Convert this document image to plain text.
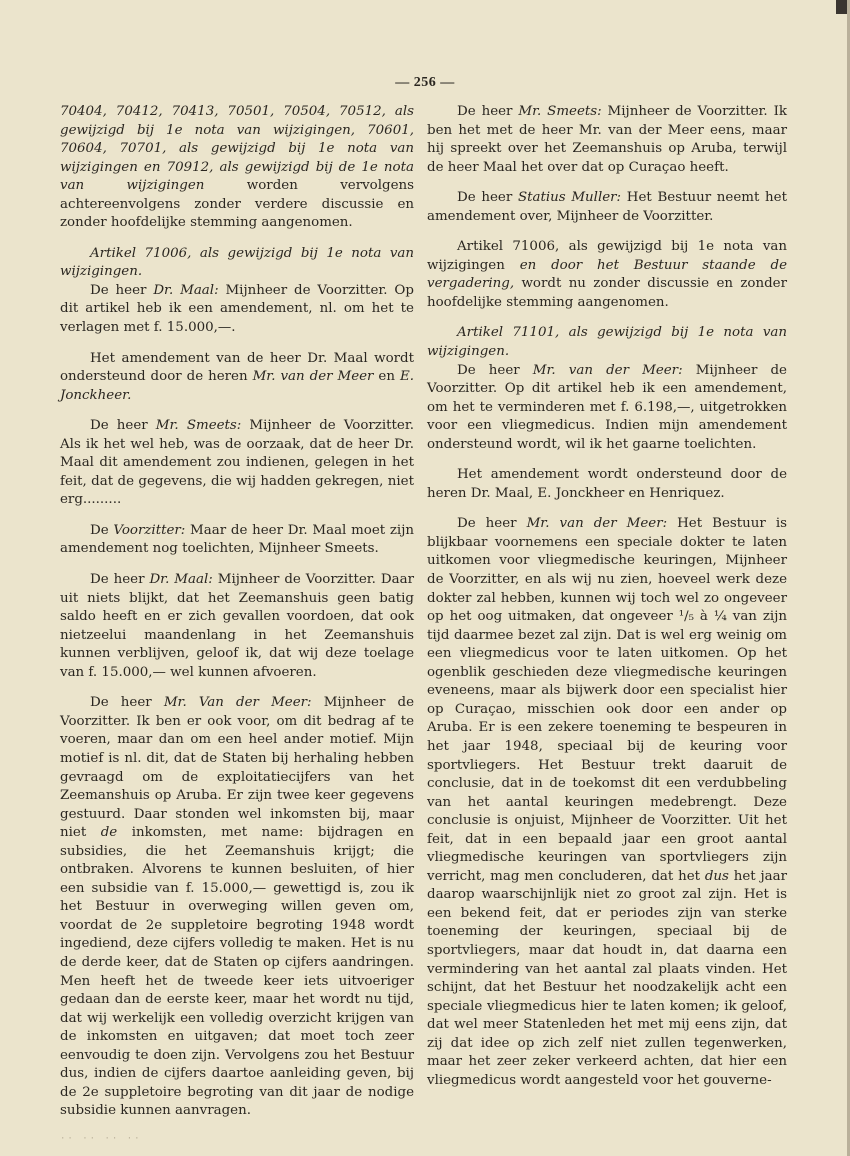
— 256 —

70404, 70412, 70413, 70501, 70504, 70512, als gewijzigd bij 1e nota van wijzigingen, 70601, 70604, 70701, als gewijzigd bij 1e nota van wijzigingen en 70912, als gewijzigd bij de 1e nota van wijzigingen worden vervolgens achtereenvolgens zonder verdere discussie en zonder hoofdelijke stemming aangenomen.

Artikel 71006, als gewijzigd bij 1e nota van wijzigingen.

De heer Dr. Maal: Mijnheer de Voorzitter. Op dit artikel heb ik een amendement, nl. om het te verlagen met f. 15.000,—.

Het amendement van de heer Dr. Maal wordt ondersteund door de heren Mr. van der Meer en E. Jonckheer.

De heer Mr. Smeets: Mijnheer de Voorzitter. Als ik het wel heb, was de oorzaak, dat de heer Dr. Maal dit amendement zou indienen, gelegen in het feit, dat de gegevens, die wij hadden gekregen, niet erg.........

De Voorzitter: Maar de heer Dr. Maal moet zijn amendement nog toelichten, Mijnheer Smeets.

De heer Dr. Maal: Mijnheer de Voorzitter. Daar uit niets blijkt, dat het Zeemanshuis geen batig saldo heeft en er zich gevallen voordoen, dat ook nietzeelui maandenlang in het Zeemanshuis kunnen verblijven, geloof ik, dat wij deze toelage van f. 15.000,— wel kunnen afvoeren.

De heer Mr. Van der Meer: Mijnheer de Voorzitter. Ik ben er ook voor, om dit bedrag af te voeren, maar dan om een heel ander motief. Mijn motief is nl. dit, dat de Staten bij herhaling hebben gevraagd om de exploitatiecijfers van het Zeemanshuis op Aruba. Er zijn twee keer gegevens gestuurd. Daar stonden wel inkomsten bij, maar niet de inkomsten, met name: bijdragen en subsidies, die het Zeemanshuis krijgt; die ontbraken. Alvorens te kunnen besluiten, of hier een subsidie van f. 15.000,— gewettigd is, zou ik het Bestuur in overweging willen geven om, voordat de 2e suppletoire begroting 1948 wordt ingediend, deze cijfers volledig te maken. Het is nu de derde keer, dat de Staten op cijfers aandringen. Men heeft het de tweede keer iets uitvoeriger gedaan dan de eerste keer, maar het wordt nu tijd, dat wij werkelijk een volledig overzicht krijgen van de inkomsten en uitgaven; dat moet toch zeer eenvoudig te doen zijn. Vervolgens zou het Bestuur dus, indien de cijfers daartoe aanleiding geven, bij de 2e suppletoire begroting van dit jaar de nodige subsidie kunnen aanvragen.

De heer Mr. Smeets: Mijnheer de Voorzitter. Ik ben het met de heer Mr. van der Meer eens, maar hij spreekt over het Zeemanshuis op Aruba, terwijl de heer Maal het over dat op Curaçao heeft.

De heer Statius Muller: Het Bestuur neemt het amendement over, Mijnheer de Voorzitter.

Artikel 71006, als gewijzigd bij 1e nota van wijzigingen en door het Bestuur staande de vergadering, wordt nu zonder discussie en zonder hoofdelijke stemming aangenomen.

Artikel 71101, als gewijzigd bij 1e nota van wijzigingen.

De heer Mr. van der Meer: Mijnheer de Voorzitter. Op dit artikel heb ik een amendement, om het te verminderen met f. 6.198,—, uitgetrokken voor een vliegmedicus. Indien mijn amendement ondersteund wordt, wil ik het gaarne toelichten.

Het amendement wordt ondersteund door de heren Dr. Maal, E. Jonckheer en Henriquez.

De heer Mr. van der Meer: Het Bestuur is blijkbaar voornemens een speciale dokter te laten uitkomen voor vliegmedische keuringen, Mijnheer de Voorzitter, en als wij nu zien, hoeveel werk deze dokter zal hebben, kunnen wij toch wel zo ongeveer op het oog uitmaken, dat ongeveer ¹/₅ à ¼ van zijn tijd daarmee bezet zal zijn. Dat is wel erg weinig om een vliegmedicus voor te laten uitkomen. Op het ogenblik geschieden deze vliegmedische keuringen eveneens, maar als bijwerk door een specialist hier op Curaçao, misschien ook door een ander op Aruba. Er is een zekere toeneming te bespeuren in het jaar 1948, speciaal bij de keuring voor sportvliegers. Het Bestuur trekt daaruit de conclusie, dat in de toekomst dit een verdubbeling van het aantal keuringen medebrengt. Deze conclusie is onjuist, Mijnheer de Voorzitter. Uit het feit, dat in een bepaald jaar een groot aantal vliegmedische keuringen van sportvliegers zijn verricht, mag men concluderen, dat het dus het jaar daarop waarschijnlijk niet zo groot zal zijn. Het is een bekend feit, dat er periodes zijn van sterke toeneming der keuringen, speciaal bij de sportvliegers, maar dat houdt in, dat daarna een vermindering van het aantal zal plaats vinden. Het schijnt, dat het Bestuur het noodzakelijk acht een speciale vliegmedicus hier te laten komen; ik geloof, dat wel meer Statenleden het met mij eens zijn, dat zij dat idee op zich zelf niet zullen tegenwerken, maar het zeer zeker verkeerd achten, dat hier een vliegmedicus wordt aangesteld voor het gouverne-

·· ·· ·· ··
